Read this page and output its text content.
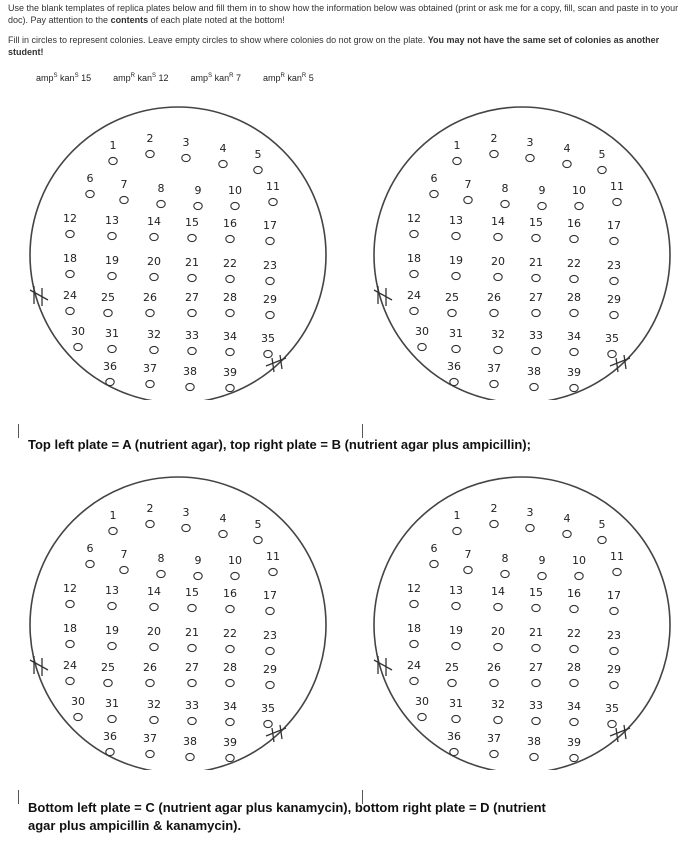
Use the blank templates of replica plates below and fill them in to show how the information below was obtained (print or ask me for a copy, fill, scan and paste in to your doc). Pay attention to the contents of each plate noted at the bottom!

Fill in circles to represent colonies. Leave empty circles to show where colonies do not grow on the plate. You may not have the same set of colonies as another student!

amp$^S$ kan$^S$ 15 amp$^R$ kan$^S$ 12 amp$^S$ kan$^R$ 7 amp$^R$ kan$^R$ 5
1
2	3	4	5
6 7	8	9 10 11
12	13	14 15 16 17
18	19	20 21 22 23
24 25	26	27 28 29
30 31	32 33 34 35
36 37 38 39
1
2	3	4	5
6 7	8	9 10 11
12	13	14 15 16 17
18	19	20 21 22 23
24 25	26	27 28 29
30 31	32 33 34 35
36 37 38 39
Top left plate = A (nutrient agar), top right plate = B (nutrient agar plus ampicillin);
1
2	3	4	5
6 7	8	9 10 11
12	13	14 15 16 17
18	19	20 21 22 23
24 25	26	27 28 29
30 31	32 33 34 35
36 37 38 39
1
2	3	4	5
6 7	8	9 10 11
12	13	14 15 16 17
18	19	20 21 22 23
24 25	26	27 28 29
30 31	32 33 34 35
36 37 38 39
Bottom left plate = C (nutrient agar plus kanamycin), bottom right plate = D (nutrient
agar plus ampicillin & kanamycin).
